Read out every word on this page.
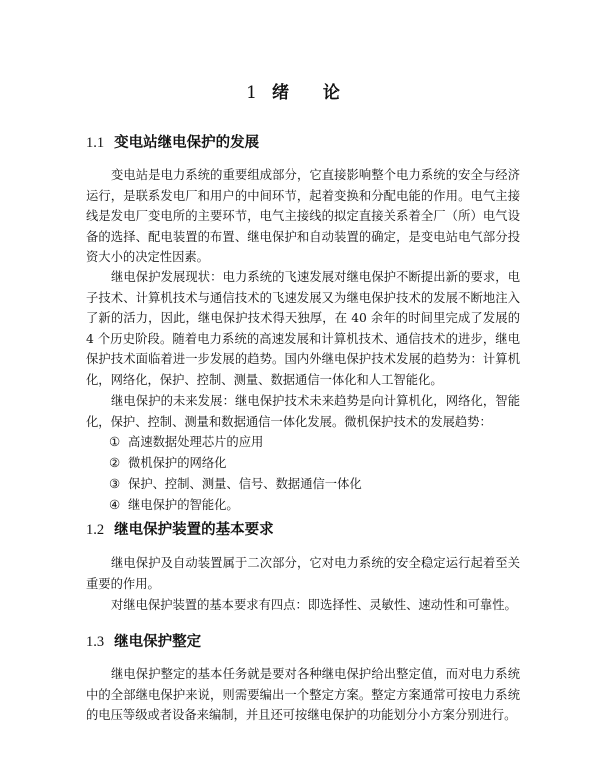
1 绪 论
1.1 变电站继电保护的发展

变电站是电力系统的重要组成部分，它直接影响整个电力系统的安全与经济运行，是联系发电厂和用户的中间环节，起着变换和分配电能的作用。电气主接线是发电厂变电所的主要环节，电气主接线的拟定直接关系着全厂（所）电气设备的选择、配电装置的布置、继电保护和自动装置的确定，是变电站电气部分投资大小的决定性因素。

继电保护发展现状：电力系统的飞速发展对继电保护不断提出新的要求，电子技术、计算机技术与通信技术的飞速发展又为继电保护技术的发展不断地注入了新的活力，因此，继电保护技术得天独厚，在 40 余年的时间里完成了发展的 4 个历史阶段。随着电力系统的高速发展和计算机技术、通信技术的进步，继电保护技术面临着进一步发展的趋势。国内外继电保护技术发展的趋势为：计算机化，网络化，保护、控制、测量、数据通信一体化和人工智能化。

继电保护的未来发展：继电保护技术未来趋势是向计算机化，网络化，智能化，保护、控制、测量和数据通信一体化发展。微机保护技术的发展趋势：

① 高速数据处理芯片的应用
② 微机保护的网络化
③ 保护、控制、测量、信号、数据通信一体化
④ 继电保护的智能化。
1.2 继电保护装置的基本要求

继电保护及自动装置属于二次部分，它对电力系统的安全稳定运行起着至关重要的作用。

对继电保护装置的基本要求有四点：即选择性、灵敏性、速动性和可靠性。

1.3 继电保护整定

继电保护整定的基本任务就是要对各种继电保护给出整定值，而对电力系统中的全部继电保护来说，则需要编出一个整定方案。整定方案通常可按电力系统的电压等级或者设备来编制，并且还可按继电保护的功能划分小方案分别进行。
